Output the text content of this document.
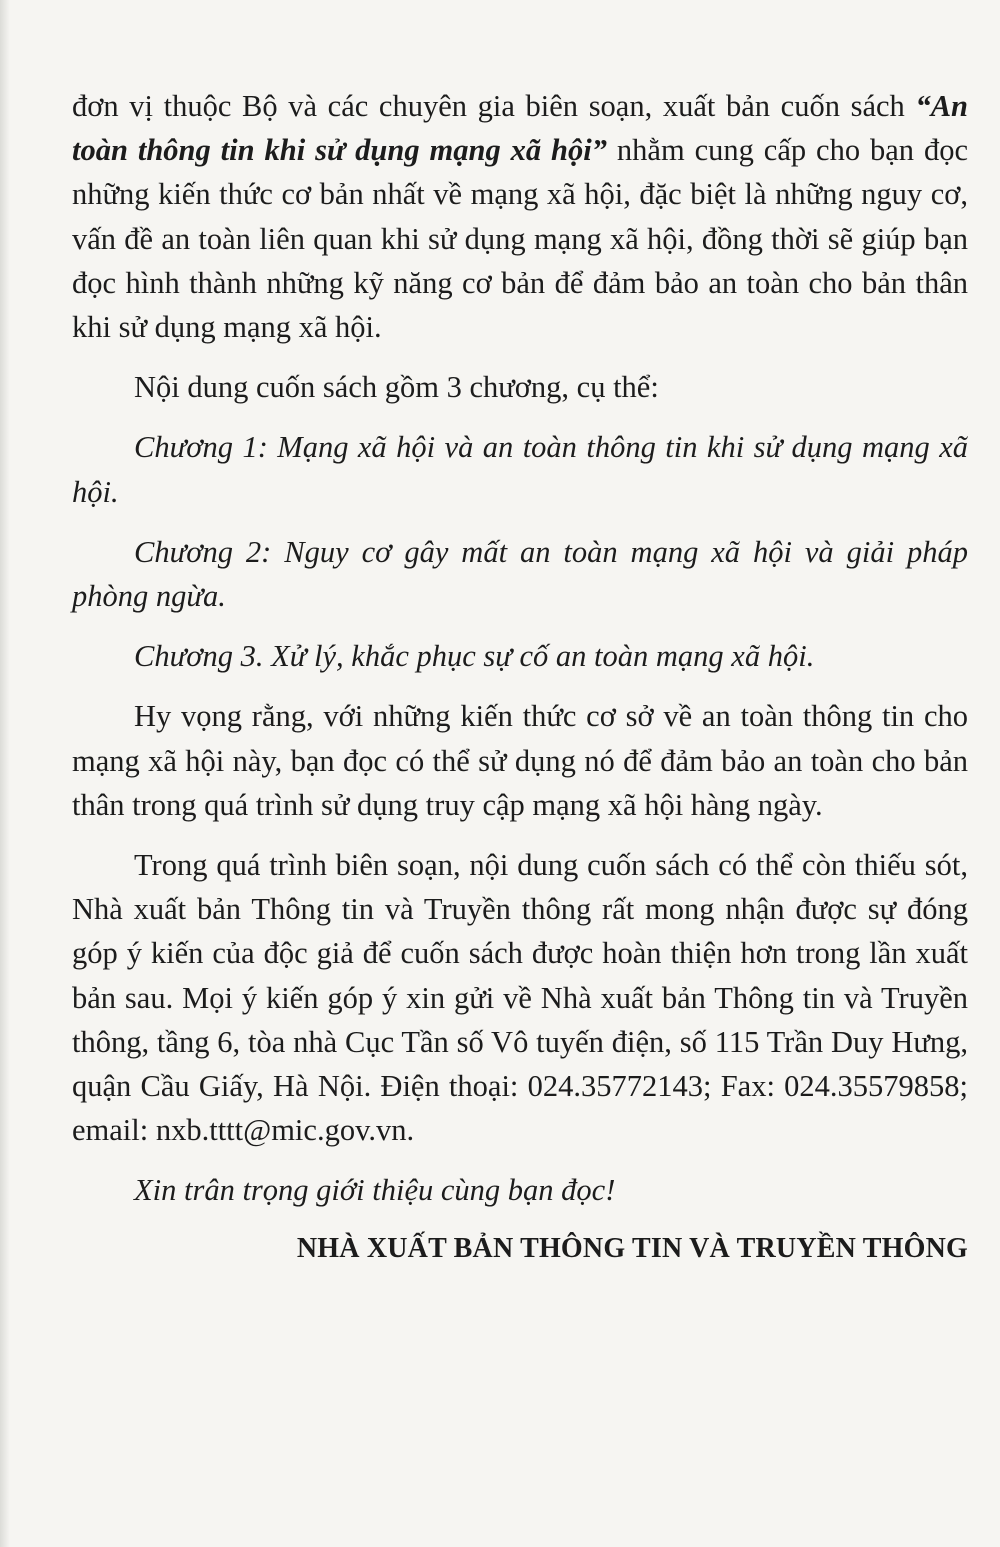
đơn vị thuộc Bộ và các chuyên gia biên soạn, xuất bản cuốn sách “An toàn thông tin khi sử dụng mạng xã hội” nhằm cung cấp cho bạn đọc những kiến thức cơ bản nhất về mạng xã hội, đặc biệt là những nguy cơ, vấn đề an toàn liên quan khi sử dụng mạng xã hội, đồng thời sẽ giúp bạn đọc hình thành những kỹ năng cơ bản để đảm bảo an toàn cho bản thân khi sử dụng mạng xã hội.

Nội dung cuốn sách gồm 3 chương, cụ thể:

Chương 1: Mạng xã hội và an toàn thông tin khi sử dụng mạng xã hội.

Chương 2: Nguy cơ gây mất an toàn mạng xã hội và giải pháp phòng ngừa.

Chương 3. Xử lý, khắc phục sự cố an toàn mạng xã hội.

Hy vọng rằng, với những kiến thức cơ sở về an toàn thông tin cho mạng xã hội này, bạn đọc có thể sử dụng nó để đảm bảo an toàn cho bản thân trong quá trình sử dụng truy cập mạng xã hội hàng ngày.

Trong quá trình biên soạn, nội dung cuốn sách có thể còn thiếu sót, Nhà xuất bản Thông tin và Truyền thông rất mong nhận được sự đóng góp ý kiến của độc giả để cuốn sách được hoàn thiện hơn trong lần xuất bản sau. Mọi ý kiến góp ý xin gửi về Nhà xuất bản Thông tin và Truyền thông, tầng 6, tòa nhà Cục Tần số Vô tuyến điện, số 115 Trần Duy Hưng, quận Cầu Giấy, Hà Nội. Điện thoại: 024.35772143; Fax: 024.35579858; email: nxb.tttt@mic.gov.vn.

Xin trân trọng giới thiệu cùng bạn đọc!

NHÀ XUẤT BẢN THÔNG TIN VÀ TRUYỀN THÔNG
